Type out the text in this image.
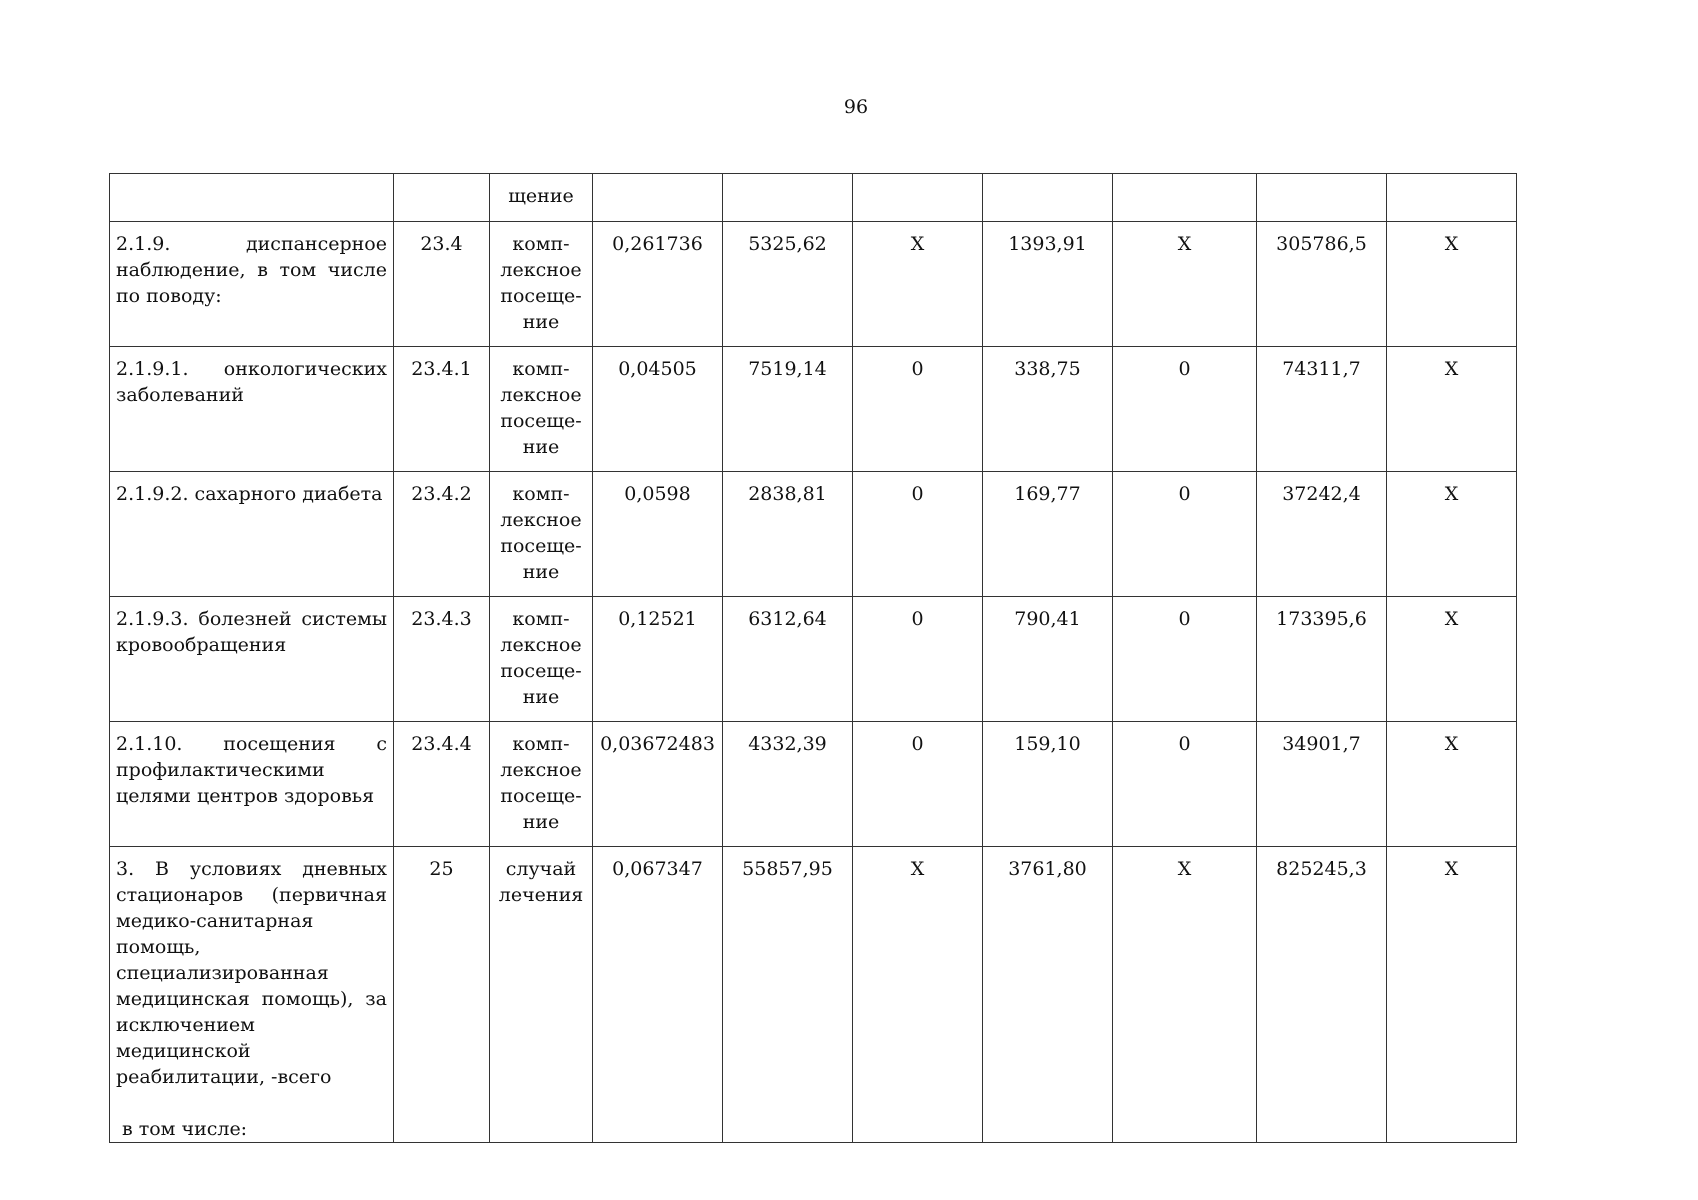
96
		щение							
2.1.9. диспансерное наблюдение, в том числе по поводу:	23.4	комп-
лексное
посеще-
ние	0,261736	5325,62	X	1393,91	X	305786,5	X
2.1.9.1. онкологических заболеваний	23.4.1	комп-
лексное
посеще-
ние	0,04505	7519,14	0	338,75	0	74311,7	X
2.1.9.2. сахарного диабета	23.4.2	комп-
лексное
посеще-
ние	0,0598	2838,81	0	169,77	0	37242,4	X
2.1.9.3. болезней системы кровообращения	23.4.3	комп-
лексное
посеще-
ние	0,12521	6312,64	0	790,41	0	173395,6	X
2.1.10. посещения с профилактическими целями центров здоровья	23.4.4	комп-
лексное
посеще-
ние	0,03672483	4332,39	0	159,10	0	34901,7	X
3. В условиях дневных стационаров (первичная медико-санитарная помощь, специализированная медицинская помощь), за исключением медицинской реабилитации, -всего
в том числе:	25	случай
лечения	0,067347	55857,95	X	3761,80	X	825245,3	X
